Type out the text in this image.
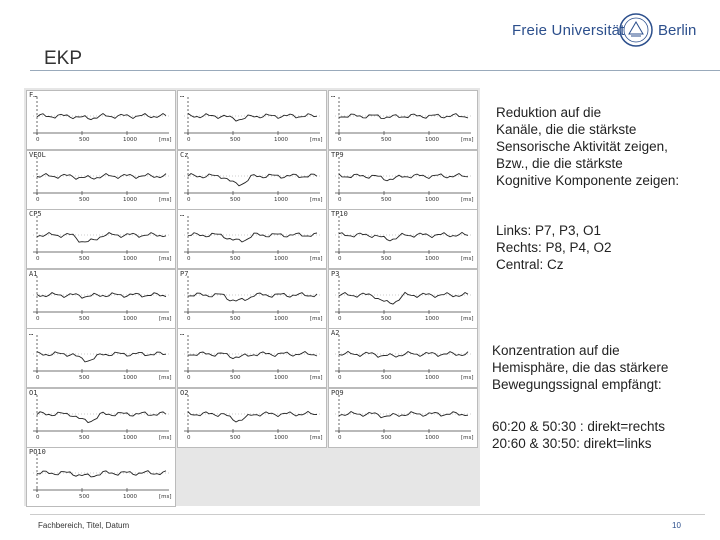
EKP
Freie Universität Berlin
F…
0	500	1000	[ms]
…
0	500	1000	[ms]
…
0	500	1000	[ms]
VEOL
0	500	1000	[ms]
Cz
0	500	1000	[ms]
TP9
0	500	1000	[ms]
CP5
0	500	1000	[ms]
…
0	500	1000	[ms]
TP10
0	500	1000	[ms]
A1
0	500	1000	[ms]
P7
0	500	1000	[ms]
P3
0	500	1000	[ms]
…
0	500	1000	[ms]
…
0	500	1000	[ms]
A2
0	500	1000	[ms]
O1
0	500	1000	[ms]
O2
0	500	1000	[ms]
PO9
0	500	1000	[ms]
PO10
0	500	1000	[ms]
Reduktion auf die
Kanäle, die die stärkste
Sensorische Aktivität zeigen,
Bzw., die die stärkste
Kognitive Komponente zeigen:
Links: P7, P3, O1
Rechts: P8, P4, O2
Central: Cz
Konzentration auf die
Hemisphäre, die das stärkere
Bewegungssignal empfängt:
60:20 & 50:30 : direkt=rechts
20:60 & 30:50: direkt=links
Fachbereich, Titel, Datum	10
